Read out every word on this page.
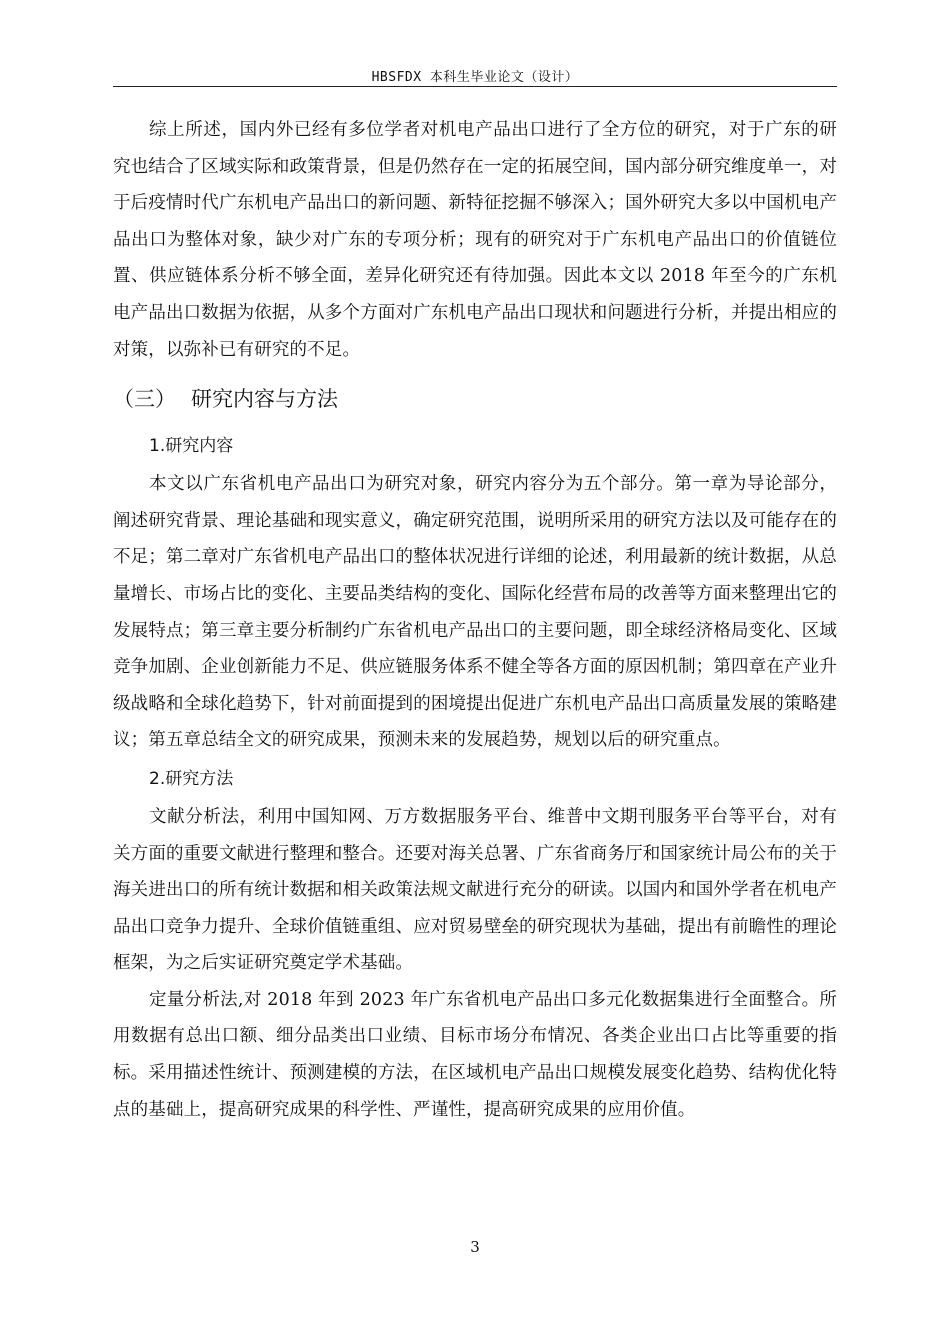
HBSFDX 本科生毕业论文（设计）

综上所述，国内外已经有多位学者对机电产品出口进行了全方位的研究，对于广东的研究也结合了区域实际和政策背景，但是仍然存在一定的拓展空间，国内部分研究维度单一，对于后疫情时代广东机电产品出口的新问题、新特征挖掘不够深入；国外研究大多以中国机电产品出口为整体对象，缺少对广东的专项分析；现有的研究对于广东机电产品出口的价值链位置、供应链体系分析不够全面，差异化研究还有待加强。因此本文以 2018 年至今的广东机电产品出口数据为依据，从多个方面对广东机电产品出口现状和问题进行分析，并提出相应的对策，以弥补已有研究的不足。

（三） 研究内容与方法
1.研究内容

本文以广东省机电产品出口为研究对象，研究内容分为五个部分。第一章为导论部分，阐述研究背景、理论基础和现实意义，确定研究范围，说明所采用的研究方法以及可能存在的不足；第二章对广东省机电产品出口的整体状况进行详细的论述，利用最新的统计数据，从总量增长、市场占比的变化、主要品类结构的变化、国际化经营布局的改善等方面来整理出它的发展特点；第三章主要分析制约广东省机电产品出口的主要问题，即全球经济格局变化、区域竞争加剧、企业创新能力不足、供应链服务体系不健全等各方面的原因机制；第四章在产业升级战略和全球化趋势下，针对前面提到的困境提出促进广东机电产品出口高质量发展的策略建议；第五章总结全文的研究成果，预测未来的发展趋势，规划以后的研究重点。

2.研究方法

文献分析法，利用中国知网、万方数据服务平台、维普中文期刊服务平台等平台，对有关方面的重要文献进行整理和整合。还要对海关总署、广东省商务厅和国家统计局公布的关于海关进出口的所有统计数据和相关政策法规文献进行充分的研读。以国内和国外学者在机电产品出口竞争力提升、全球价值链重组、应对贸易壁垒的研究现状为基础，提出有前瞻性的理论框架，为之后实证研究奠定学术基础。

定量分析法,对 2018 年到 2023 年广东省机电产品出口多元化数据集进行全面整合。所用数据有总出口额、细分品类出口业绩、目标市场分布情况、各类企业出口占比等重要的指标。采用描述性统计、预测建模的方法，在区域机电产品出口规模发展变化趋势、结构优化特点的基础上，提高研究成果的科学性、严谨性，提高研究成果的应用价值。

3
